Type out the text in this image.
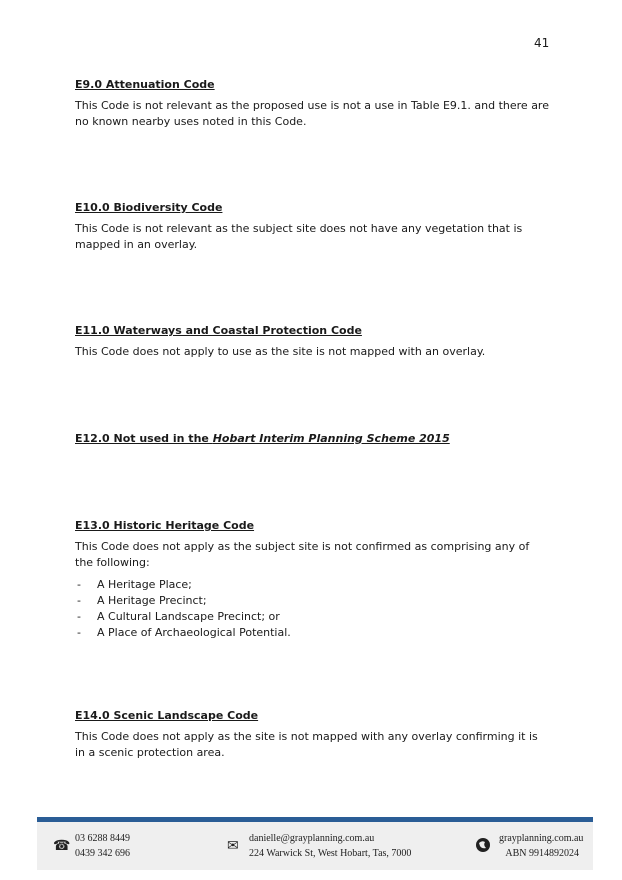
41

E9.0 Attenuation Code

This Code is not relevant as the proposed use is not a use in Table E9.1. and there are no known nearby uses noted in this Code.

E10.0 Biodiversity Code

This Code is not relevant as the subject site does not have any vegetation that is mapped in an overlay.

E11.0 Waterways and Coastal Protection Code

This Code does not apply to use as the site is not mapped with an overlay.

E12.0 Not used in the Hobart Interim Planning Scheme 2015

E13.0 Historic Heritage Code

This Code does not apply as the subject site is not confirmed as comprising any of the following:

- A Heritage Place;
- A Heritage Precinct;
- A Cultural Landscape Precinct; or
- A Place of Archaeological Potential.

E14.0 Scenic Landscape Code

This Code does not apply as the site is not mapped with any overlay confirming it is in a scenic protection area.

☎
03 6288 8449
0439 342 696	✉
danielle@grayplanning.com.au
224 Warwick St, West Hobart, Tas, 7000
grayplanning.com.au
ABN 9914892024
